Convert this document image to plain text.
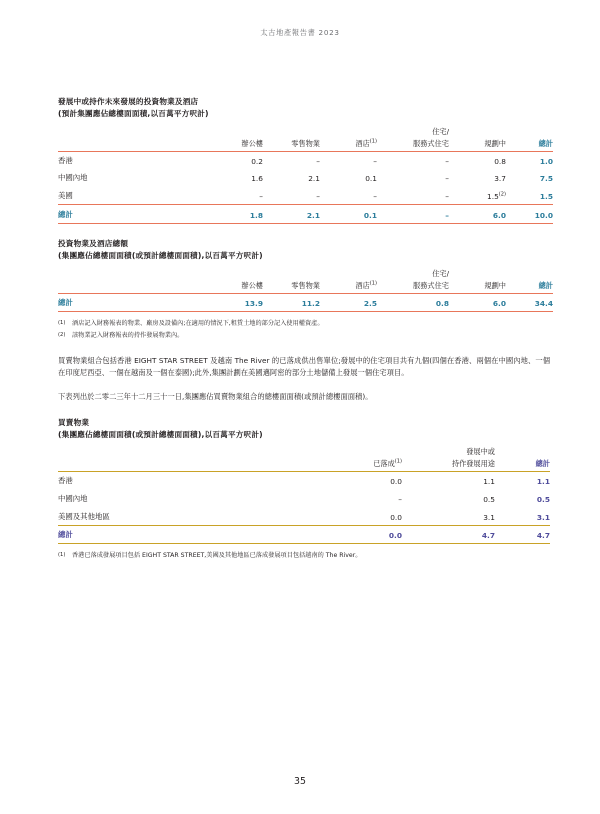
太古地產報告書 2023
發展中或持作未來發展的投資物業及酒店
(預計集團應佔總樓面面積,以百萬平方呎計)
				住宅/		
	辦公樓	零售物業	酒店$^{(1)}$	服務式住宅	規劃中	總計
香港	0.2	–	–	–	0.8	1.0
中國內地	1.6	2.1	0.1	–	3.7	7.5
美國	–	–	–	–	1.5$^{(2)}$	1.5
總計	1.8	2.1	0.1	–	6.0	10.0
投資物業及酒店總額
(集團應佔總樓面面積(或預計總樓面面積),以百萬平方呎計)
				住宅/		
	辦公樓	零售物業	酒店$^{(1)}$	服務式住宅	規劃中	總計
總計	13.9	11.2	2.5	0.8	6.0	34.4
(1) 酒店記入財務報表的物業、廠房及設備內;在適用的情況下,租賃土地的部分記入使用權資產。
(2) 該物業記入財務報表的持作發展物業內。
買賣物業組合包括香港 EIGHT STAR STREET 及越南 The River 的已落成供出售單位;發展中的住宅項目共有九個(四個在香港、兩個在中國內地、一個在印度尼西亞、一個在越南及一個在泰國);此外,集團計劃在美國邁阿密的部分土地儲備上發展一個住宅項目。
下表列出於二零二三年十二月三十一日,集團應佔買賣物業組合的總樓面面積(或預計總樓面面積)。
買賣物業
(集團應佔總樓面面積(或預計總樓面面積),以百萬平方呎計)
		發展中或	
	已落成$^{(1)}$	持作發展用途	總計
香港	0.0	1.1	1.1
中國內地	–	0.5	0.5
美國及其他地區	0.0	3.1	3.1
總計	0.0	4.7	4.7
(1) 香港已落成發展項目包括 EIGHT STAR STREET,美國及其他地區已落成發展項目包括越南的 The River。
35
